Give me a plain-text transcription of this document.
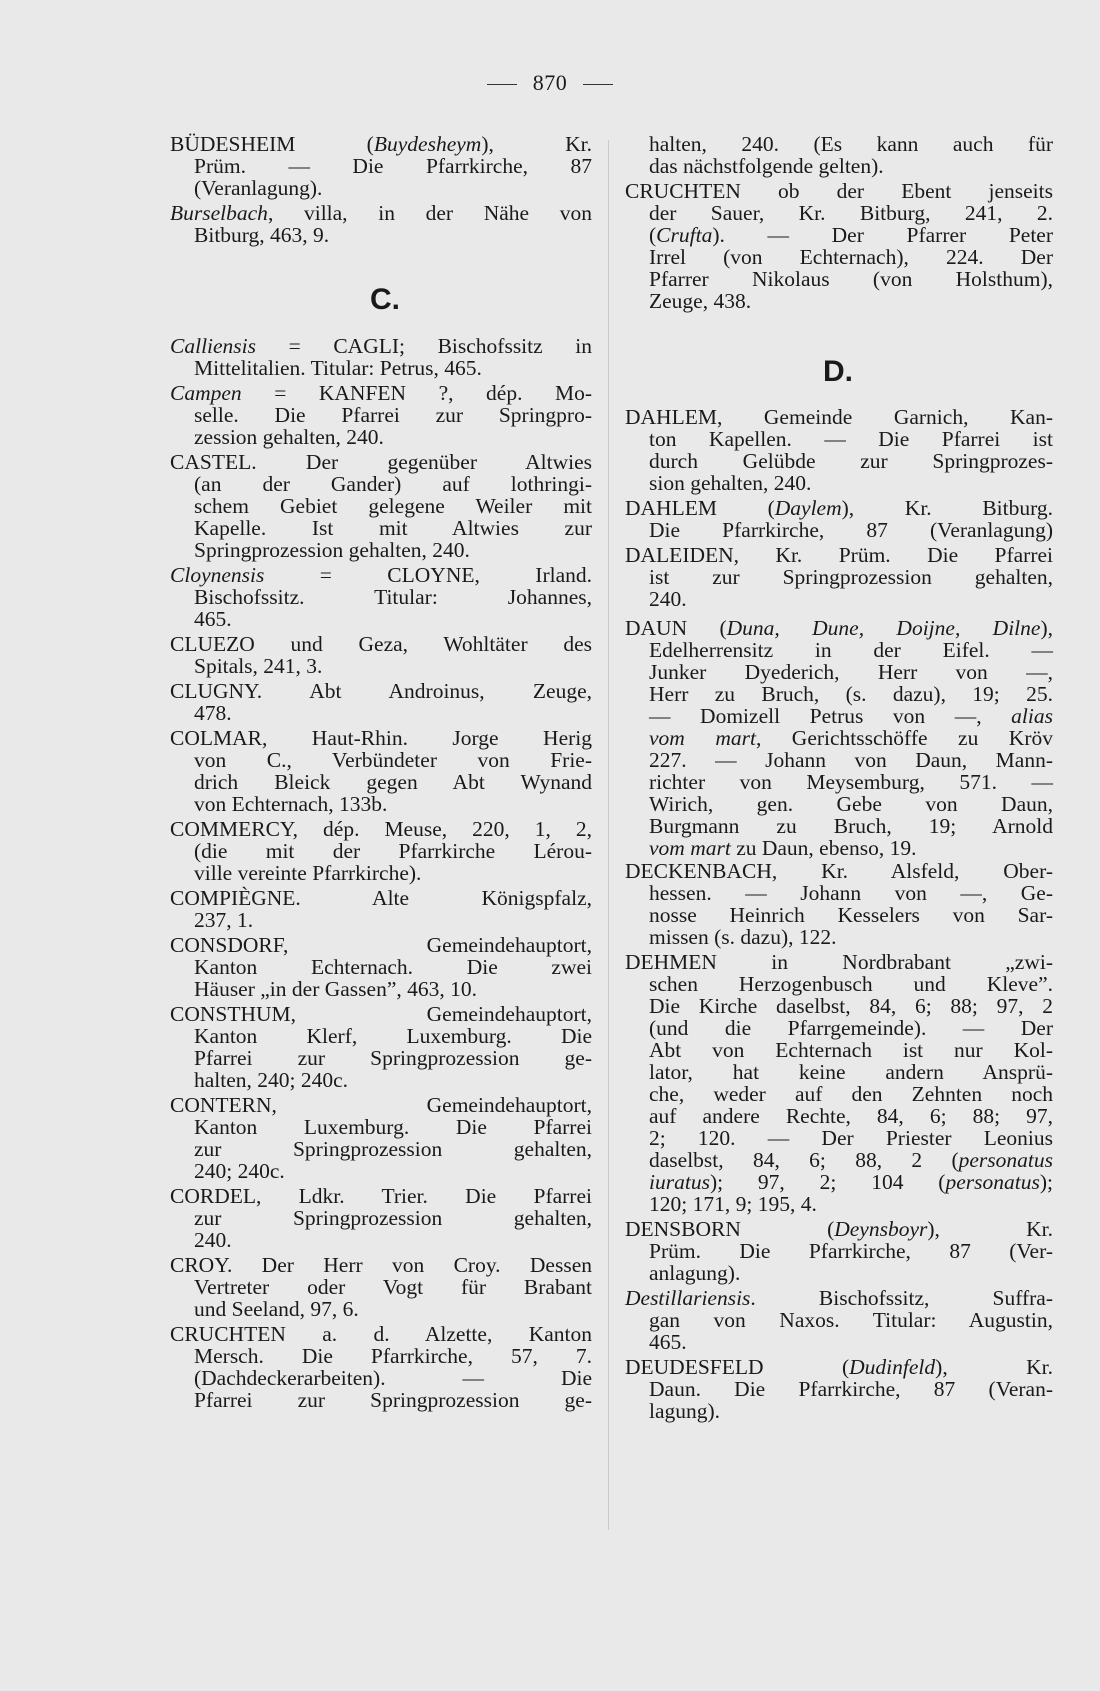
870
BÜDESHEIM (Buydesheym), Kr.
Prüm. — Die Pfarrkirche, 87
(Veranlagung).
Burselbach, villa, in der Nähe von
Bitburg, 463, 9.
Calliensis = CAGLI; Bischofssitz in
Mittelitalien. Titular: Petrus, 465.
Campen = KANFEN ?, dép. Mo-
selle. Die Pfarrei zur Springpro-
zession gehalten, 240.
CASTEL. Der gegenüber Altwies
(an der Gander) auf lothringi-
schem Gebiet gelegene Weiler mit
Kapelle. Ist mit Altwies zur
Springprozession gehalten, 240.
Cloynensis = CLOYNE, Irland.
Bischofssitz. Titular: Johannes,
465.
CLUEZO und Geza, Wohltäter des
Spitals, 241, 3.
CLUGNY. Abt Androinus, Zeuge,
478.
COLMAR, Haut-Rhin. Jorge Herig
von C., Verbündeter von Frie-
drich Bleick gegen Abt Wynand
von Echternach, 133b.
COMMERCY, dép. Meuse, 220, 1, 2,
(die mit der Pfarrkirche Lérou-
ville vereinte Pfarrkirche).
COMPIÈGNE. Alte Königspfalz,
237, 1.
CONSDORF, Gemeindehauptort,
Kanton Echternach. Die zwei
Häuser „in der Gassen”, 463, 10.
CONSTHUM, Gemeindehauptort,
Kanton Klerf, Luxemburg. Die
Pfarrei zur Springprozession ge-
halten, 240; 240c.
CONTERN, Gemeindehauptort,
Kanton Luxemburg. Die Pfarrei
zur Springprozession gehalten,
240; 240c.
CORDEL, Ldkr. Trier. Die Pfarrei
zur Springprozession gehalten,
240.
CROY. Der Herr von Croy. Dessen
Vertreter oder Vogt für Brabant
und Seeland, 97, 6.
CRUCHTEN a. d. Alzette, Kanton
Mersch. Die Pfarrkirche, 57, 7.
(Dachdeckerarbeiten). — Die
Pfarrei zur Springprozession ge-
C.
halten, 240. (Es kann auch für
das nächstfolgende gelten).
CRUCHTEN ob der Ebent jenseits
der Sauer, Kr. Bitburg, 241, 2.
(Crufta). — Der Pfarrer Peter
Irrel (von Echternach), 224. Der
Pfarrer Nikolaus (von Holsthum),
Zeuge, 438.
DAHLEM, Gemeinde Garnich, Kan-
ton Kapellen. — Die Pfarrei ist
durch Gelübde zur Springprozes-
sion gehalten, 240.
DAHLEM (Daylem), Kr. Bitburg.
Die Pfarrkirche, 87 (Veranlagung)
DALEIDEN, Kr. Prüm. Die Pfarrei
ist zur Springprozession gehalten,
240.
DAUN (Duna, Dune, Doijne, Dilne),
Edelherrensitz in der Eifel. —
Junker Dyederich, Herr von —,
Herr zu Bruch, (s. dazu), 19; 25.
— Domizell Petrus von —, alias
vom mart, Gerichtsschöffe zu Kröv
227. — Johann von Daun, Mann-
richter von Meysemburg, 571. —
Wirich, gen. Gebe von Daun,
Burgmann zu Bruch, 19; Arnold
vom mart zu Daun, ebenso, 19.
DECKENBACH, Kr. Alsfeld, Ober-
hessen. — Johann von —, Ge-
nosse Heinrich Kesselers von Sar-
missen (s. dazu), 122.
DEHMEN in Nordbrabant „zwi-
schen Herzogenbusch und Kleve”.
Die Kirche daselbst, 84, 6; 88; 97, 2
(und die Pfarrgemeinde). — Der
Abt von Echternach ist nur Kol-
lator, hat keine andern Ansprü-
che, weder auf den Zehnten noch
auf andere Rechte, 84, 6; 88; 97,
2; 120. — Der Priester Leonius
daselbst, 84, 6; 88, 2 (personatus
iuratus); 97, 2; 104 (personatus);
120; 171, 9; 195, 4.
DENSBORN (Deynsboyr), Kr.
Prüm. Die Pfarrkirche, 87 (Ver-
anlagung).
Destillariensis. Bischofssitz, Suffra-
gan von Naxos. Titular: Augustin,
465.
DEUDESFELD (Dudinfeld), Kr.
Daun. Die Pfarrkirche, 87 (Veran-
lagung).
D.
